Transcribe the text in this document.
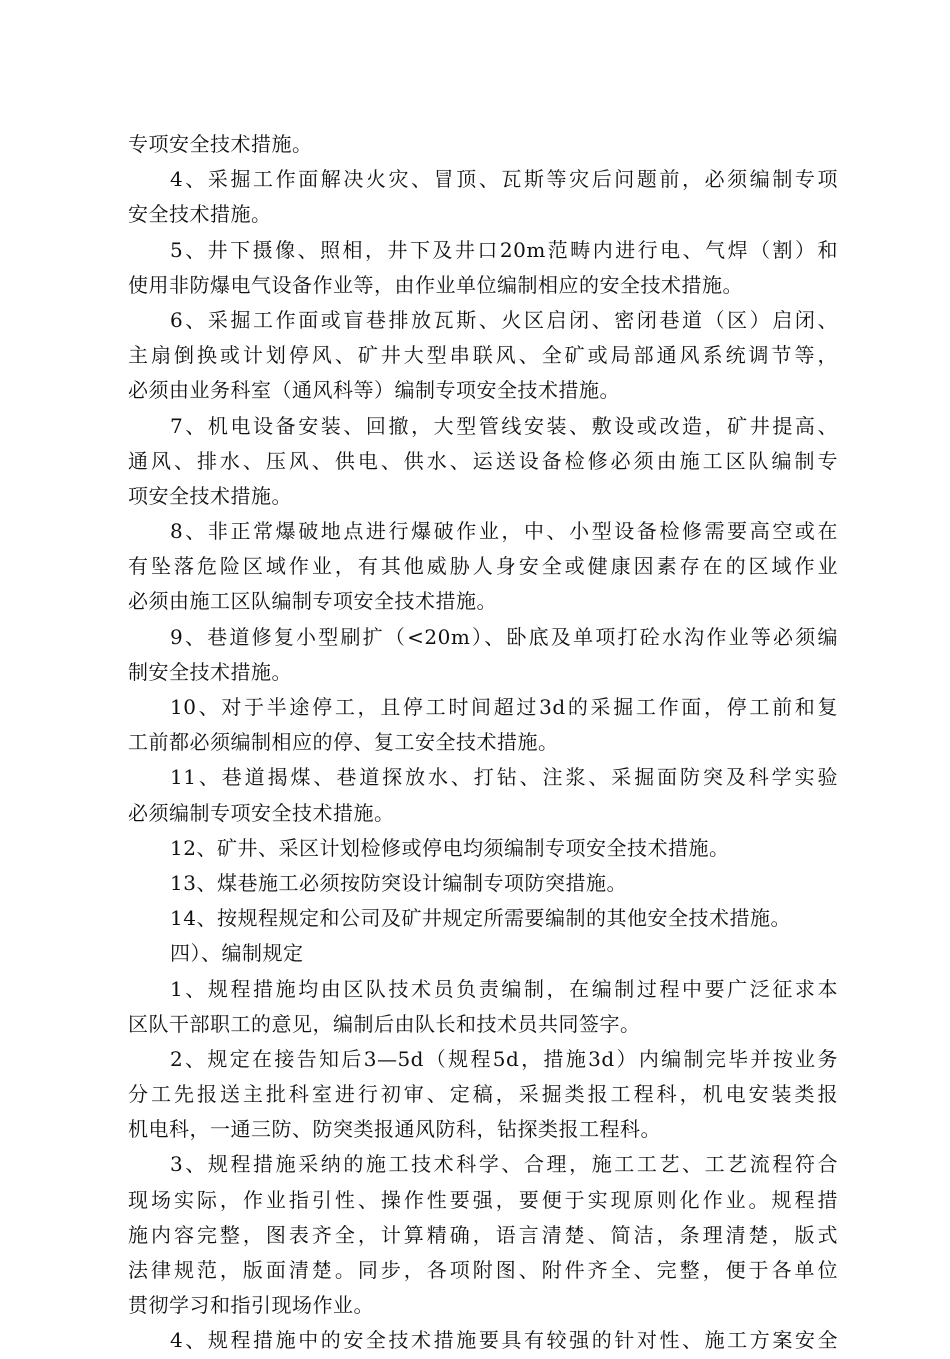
专项安全技术措施。
4、采掘工作面解决火灾、冒顶、瓦斯等灾后问题前，必须编制专项
安全技术措施。
5、井下摄像、照相，井下及井口20m范畴内进行电、气焊（割）和
使用非防爆电气设备作业等，由作业单位编制相应的安全技术措施。
6、采掘工作面或盲巷排放瓦斯、火区启闭、密闭巷道（区）启闭、
主扇倒换或计划停风、矿井大型串联风、全矿或局部通风系统调节等，
必须由业务科室（通风科等）编制专项安全技术措施。
7、机电设备安装、回撤，大型管线安装、敷设或改造，矿井提高、
通风、排水、压风、供电、供水、运送设备检修必须由施工区队编制专
项安全技术措施。
8、非正常爆破地点进行爆破作业，中、小型设备检修需要高空或在
有坠落危险区域作业，有其他威胁人身安全或健康因素存在的区域作业
必须由施工区队编制专项安全技术措施。
9、巷道修复小型刷扩（<20m）、卧底及单项打砼水沟作业等必须编
制安全技术措施。
10、对于半途停工，且停工时间超过3d的采掘工作面，停工前和复
工前都必须编制相应的停、复工安全技术措施。
11、巷道揭煤、巷道探放水、打钻、注浆、采掘面防突及科学实验
必须编制专项安全技术措施。
12、矿井、采区计划检修或停电均须编制专项安全技术措施。
13、煤巷施工必须按防突设计编制专项防突措施。
14、按规程规定和公司及矿井规定所需要编制的其他安全技术措施。
四）、编制规定
1、规程措施均由区队技术员负责编制，在编制过程中要广泛征求本
区队干部职工的意见，编制后由队长和技术员共同签字。
2、规定在接告知后3—5d（规程5d，措施3d）内编制完毕并按业务
分工先报送主批科室进行初审、定稿，采掘类报工程科，机电安装类报
机电科，一通三防、防突类报通风防科，钻探类报工程科。
3、规程措施采纳的施工技术科学、合理，施工工艺、工艺流程符合
现场实际，作业指引性、操作性要强，要便于实现原则化作业。规程措
施内容完整，图表齐全，计算精确，语言清楚、简洁，条理清楚，版式
法律规范，版面清楚。同步，各项附图、附件齐全、完整，便于各单位
贯彻学习和指引现场作业。
4、规程措施中的安全技术措施要具有较强的针对性、施工方案安全
